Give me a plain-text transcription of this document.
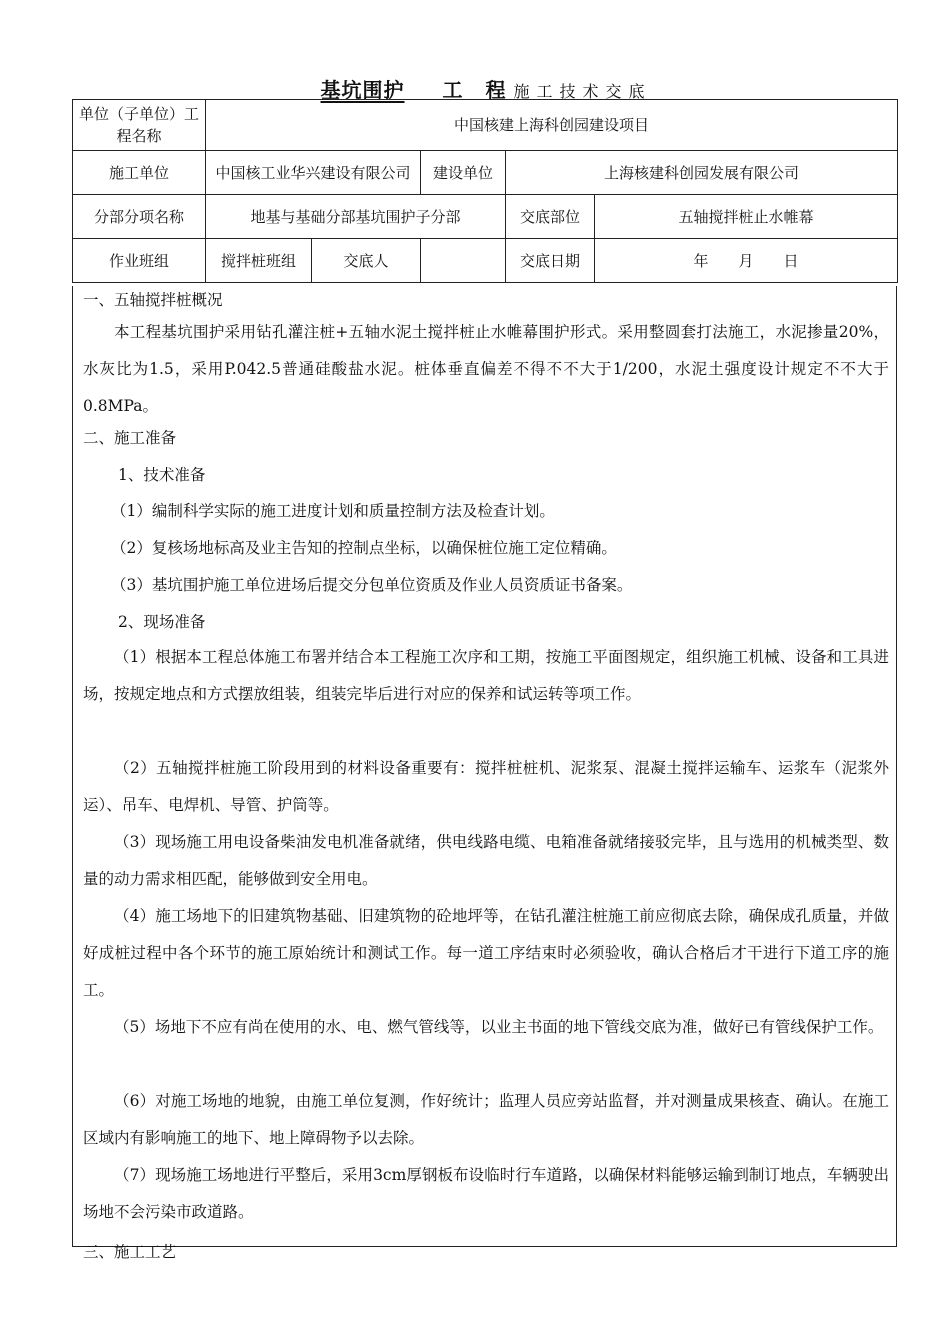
基坑围护 工 程施工技术交底
单位（子单位）工程名称	中国核建上海科创园建设项目				
施工单位	中国核工业华兴建设有限公司		建设单位	上海核建科创园发展有限公司	
分部分项名称	地基与基础分部基坑围护子分部			交底部位	五轴搅拌桩止水帷幕
作业班组	搅拌桩班组	交底人		交底日期	年　　月　　日
一、五轴搅拌桩概况
本工程基坑围护采用钻孔灌注桩+五轴水泥土搅拌桩止水帷幕围护形式。采用整圆套打法施工，水泥掺量20%，水灰比为1.5，采用P.042.5普通硅酸盐水泥。桩体垂直偏差不得不不大于1/200，水泥土强度设计规定不不大于0.8MPa。
二、施工准备
1、技术准备
（1）编制科学实际的施工进度计划和质量控制方法及检查计划。
（2）复核场地标高及业主告知的控制点坐标，以确保桩位施工定位精确。
（3）基坑围护施工单位进场后提交分包单位资质及作业人员资质证书备案。
2、现场准备
（1）根据本工程总体施工布署并结合本工程施工次序和工期，按施工平面图规定，组织施工机械、设备和工具进场，按规定地点和方式摆放组装，组装完毕后进行对应的保养和试运转等项工作。
（2）五轴搅拌桩施工阶段用到的材料设备重要有：搅拌桩桩机、泥浆泵、混凝土搅拌运输车、运浆车（泥浆外运）、吊车、电焊机、导管、护筒等。
（3）现场施工用电设备柴油发电机准备就绪，供电线路电缆、电箱准备就绪接驳完毕，且与选用的机械类型、数量的动力需求相匹配，能够做到安全用电。
（4）施工场地下的旧建筑物基础、旧建筑物的砼地坪等，在钻孔灌注桩施工前应彻底去除，确保成孔质量，并做好成桩过程中各个环节的施工原始统计和测试工作。每一道工序结束时必须验收，确认合格后才干进行下道工序的施工。
（5）场地下不应有尚在使用的水、电、燃气管线等，以业主书面的地下管线交底为准，做好已有管线保护工作。
（6）对施工场地的地貌，由施工单位复测，作好统计；监理人员应旁站监督，并对测量成果核查、确认。在施工区域内有影响施工的地下、地上障碍物予以去除。
（7）现场施工场地进行平整后，采用3cm厚钢板布设临时行车道路，以确保材料能够运输到制订地点，车辆驶出场地不会污染市政道路。
三、施工工艺
